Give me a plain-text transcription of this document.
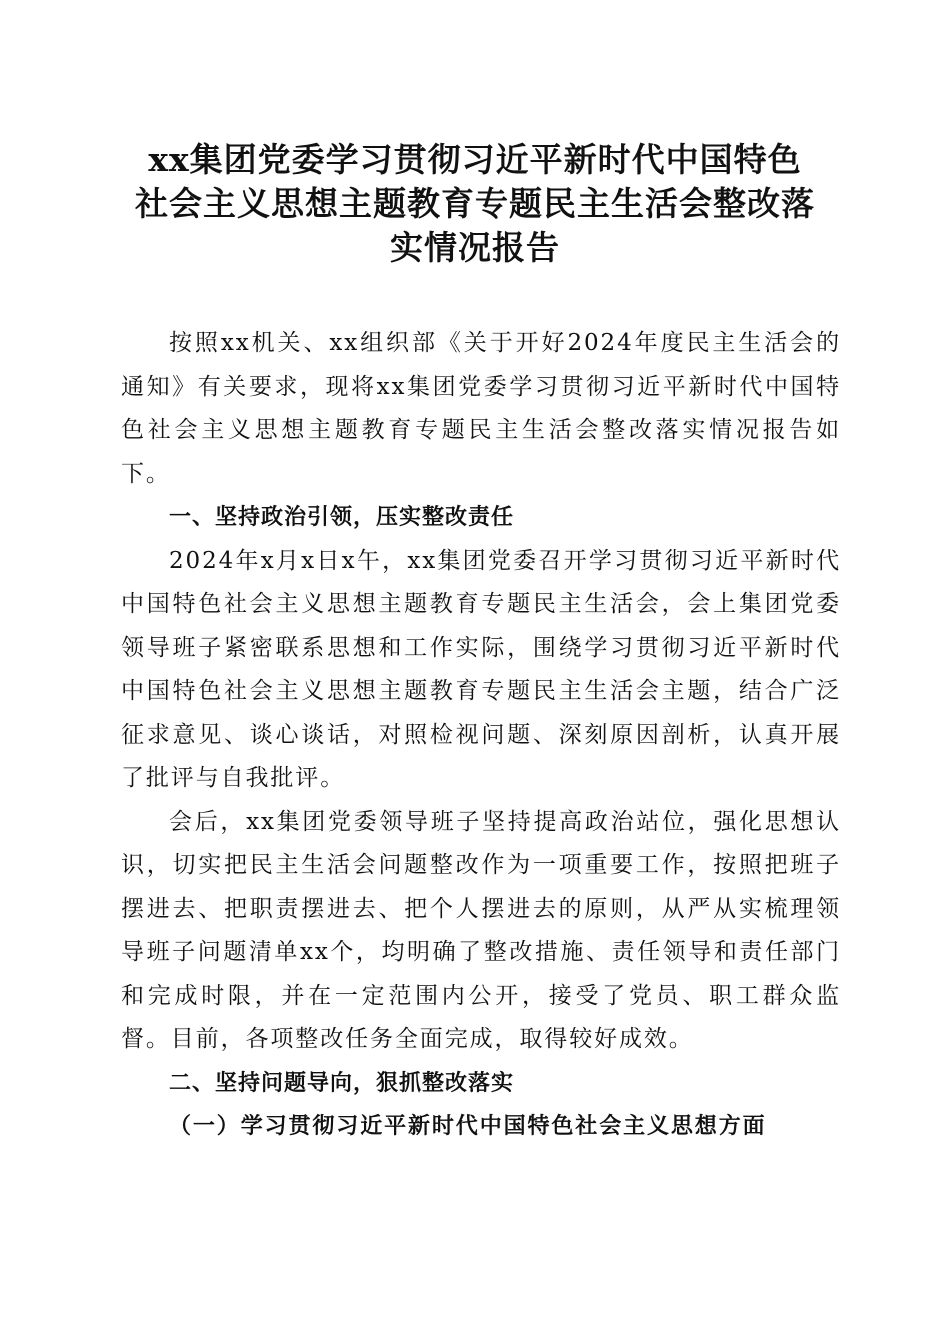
xx集团党委学习贯彻习近平新时代中国特色
社会主义思想主题教育专题民主生活会整改落
实情况报告

按照xx机关、xx组织部《关于开好2024年度民主生活会的通知》有关要求，现将xx集团党委学习贯彻习近平新时代中国特色社会主义思想主题教育专题民主生活会整改落实情况报告如下。

一、坚持政治引领，压实整改责任

2024年x月x日x午，xx集团党委召开学习贯彻习近平新时代中国特色社会主义思想主题教育专题民主生活会，会上集团党委领导班子紧密联系思想和工作实际，围绕学习贯彻习近平新时代中国特色社会主义思想主题教育专题民主生活会主题，结合广泛征求意见、谈心谈话，对照检视问题、深刻原因剖析，认真开展了批评与自我批评。

会后，xx集团党委领导班子坚持提高政治站位，强化思想认识，切实把民主生活会问题整改作为一项重要工作，按照把班子摆进去、把职责摆进去、把个人摆进去的原则，从严从实梳理领导班子问题清单xx个，均明确了整改措施、责任领导和责任部门和完成时限，并在一定范围内公开，接受了党员、职工群众监督。目前，各项整改任务全面完成，取得较好成效。

二、坚持问题导向，狠抓整改落实

（一）学习贯彻习近平新时代中国特色社会主义思想方面
